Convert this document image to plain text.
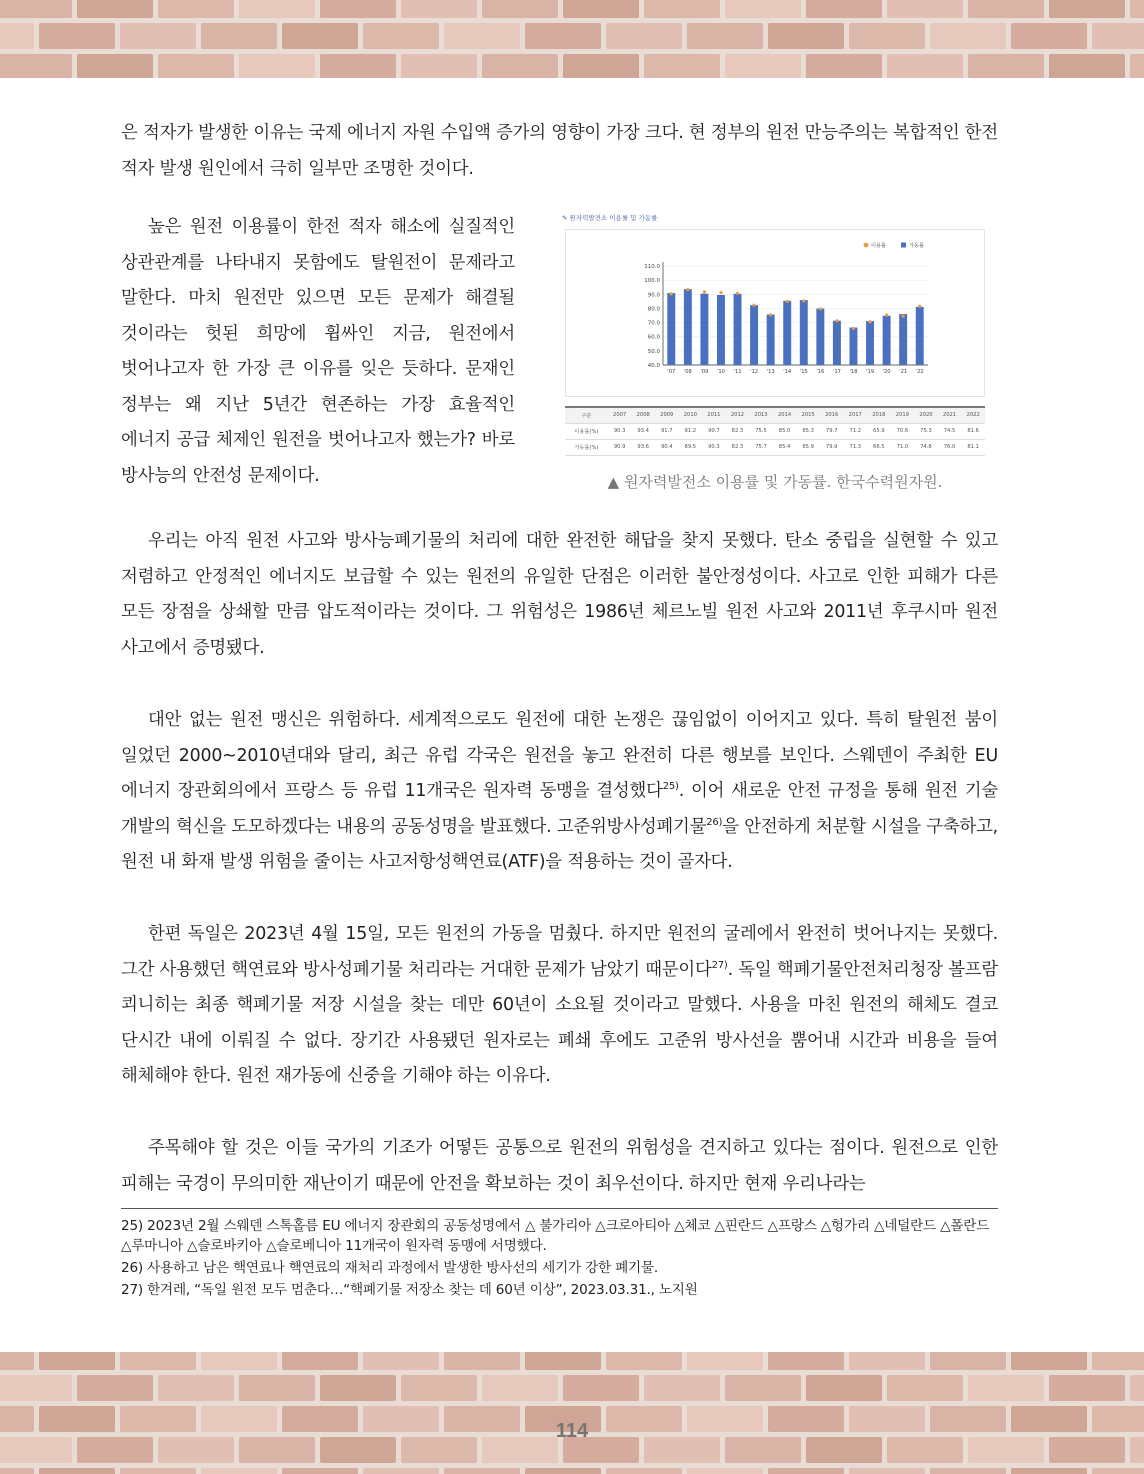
은 적자가 발생한 이유는 국제 에너지 자원 수입액 증가의 영향이 가장 크다. 현 정부의 원전 만능주의는 복합적인 한전 적자 발생 원인에서 극히 일부만 조명한 것이다.

높은 원전 이용률이 한전 적자 해소에 실질적인 상관관계를 나타내지 못함에도 탈원전이 문제라고 말한다. 마치 원전만 있으면 모든 문제가 해결될 것이라는 헛된 희망에 휩싸인 지금, 원전에서 벗어나고자 한 가장 큰 이유를 잊은 듯하다. 문재인 정부는 왜 지난 5년간 현존하는 가장 효율적인 에너지 공급 체제인 원전을 벗어나고자 했는가? 바로 방사능의 안전성 문제이다.

✎ 원자력발전소 이용률 및 가동률
110.0
100.0
90.0
80.0
70.0
60.0
50.0
40.0
'07 '08 '09 '10 '11 '12 '13 '14 '15 '16 '17 '18 '19 '20 '21 '22
이용률	가동률
구분	2007	2008	2009	2010	2011	2012	2013	2014	2015	2016	2017	2018	2019	2020	2021	2022
이용률(%)	90.3	93.4	91.7	91.2	90.7	82.3	75.5	85.0	85.3	79.7	71.2	65.9	70.6	75.3	74.5	81.6
가동률(%)	90.9	93.6	90.4	89.5	90.3	82.3	75.7	85.4	85.9	79.9	71.3	66.5	71.0	74.8	76.0	81.1
▲ 원자력발전소 이용률 및 가동률. 한국수력원자원.

우리는 아직 원전 사고와 방사능폐기물의 처리에 대한 완전한 해답을 찾지 못했다. 탄소 중립을 실현할 수 있고 저렴하고 안정적인 에너지도 보급할 수 있는 원전의 유일한 단점은 이러한 불안정성이다. 사고로 인한 피해가 다른 모든 장점을 상쇄할 만큼 압도적이라는 것이다. 그 위험성은 1986년 체르노빌 원전 사고와 2011년 후쿠시마 원전 사고에서 증명됐다.

대안 없는 원전 맹신은 위험하다. 세계적으로도 원전에 대한 논쟁은 끊임없이 이어지고 있다. 특히 탈원전 붐이 일었던 2000~2010년대와 달리, 최근 유럽 각국은 원전을 놓고 완전히 다른 행보를 보인다. 스웨덴이 주최한 EU 에너지 장관회의에서 프랑스 등 유럽 11개국은 원자력 동맹을 결성했다$^{25)}$. 이어 새로운 안전 규정을 통해 원전 기술 개발의 혁신을 도모하겠다는 내용의 공동성명을 발표했다. 고준위방사성폐기물$^{26)}$을 안전하게 처분할 시설을 구축하고, 원전 내 화재 발생 위험을 줄이는 사고저항성핵연료(ATF)을 적용하는 것이 골자다.

한편 독일은 2023년 4월 15일, 모든 원전의 가동을 멈췄다. 하지만 원전의 굴레에서 완전히 벗어나지는 못했다. 그간 사용했던 핵연료와 방사성폐기물 처리라는 거대한 문제가 남았기 때문이다$^{27)}$. 독일 핵폐기물안전처리청장 볼프람 쾨니히는 최종 핵폐기물 저장 시설을 찾는 데만 60년이 소요될 것이라고 말했다. 사용을 마친 원전의 해체도 결코 단시간 내에 이뤄질 수 없다. 장기간 사용됐던 원자로는 폐쇄 후에도 고준위 방사선을 뿜어내 시간과 비용을 들여 해체해야 한다. 원전 재가동에 신중을 기해야 하는 이유다.

주목해야 할 것은 이들 국가의 기조가 어떻든 공통으로 원전의 위험성을 견지하고 있다는 점이다. 원전으로 인한 피해는 국경이 무의미한 재난이기 때문에 안전을 확보하는 것이 최우선이다. 하지만 현재 우리나라는

25) 2023년 2월 스웨덴 스톡홀름 EU 에너지 장관회의 공동성명에서 △ 불가리아 △크로아티아 △체코 △핀란드 △프랑스 △헝가리 △네덜란드 △폴란드 △루마니아 △슬로바키아 △슬로베니아 11개국이 원자력 동맹에 서명했다.

26) 사용하고 남은 핵연료나 핵연료의 재처리 과정에서 발생한 방사선의 세기가 강한 폐기물.

27) 한겨레, “독일 원전 모두 멈춘다…“핵폐기물 저장소 찾는 데 60년 이상”, 2023.03.31., 노지원

114
